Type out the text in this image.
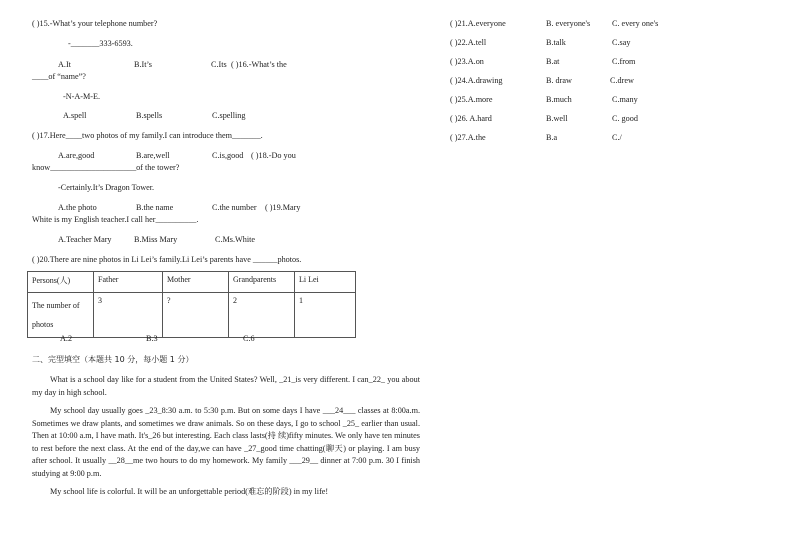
( )15.-What’s your telephone number?
-_______333-6593.
A.It	B.It’s	C.Its ( )16.-What’s the
____of “name”?
-N-A-M-E.
A.spell	B.spells	C.spelling
( )17.Here____two photos of my family.I can introduce them_______.
A.are,good	B.are,well	C.is,good ( )18.-Do you
know_____________________of the tower?
-Certainly.It’s Dragon Tower.
A.the photo	B.the name	C.the number ( )19.Mary
White is my English teacher.I call her__________.
A.Teacher Mary	B.Miss Mary	C.Ms.White
( )20.There are nine photos in Li Lei’s family.Li Lei’s parents have ______photos.
Persons(人)	Father	Mother	Grandparents	Li Lei
The number of
photos	3	?	2	1
A.2	B.3	C.6
二、完型填空（本题共 10 分，每小题 1 分）

What is a school day like for a student from the United States? Well, _21_is very different. I can_22_ you about my day in high school.

My school day usually goes _23_8:30 a.m. to 5:30 p.m. But on some days I have ___24___ classes at 8:00a.m. Sometimes we draw plants, and sometimes we draw animals. So on these days, I go to school _25_ earlier than usual. Then at 10:00 a.m, I have math. It's_26 but interesting. Each class lasts(持 续)fifty minutes. We only have ten minutes to rest before the next class. At the end of the day,we can have _27_good time chatting(聊天) or playing. I am busy after school. It usually __28__me two hours to do my homework. My family ___29__ dinner at 7:00 p.m. 30 I finish studying at 9:00 p.m.

My school life is colorful. It will be an unforgettable period(难忘的阶段) in my life!

( )21.A.everyone	B. everyone's	C. every one's
( )22.A.tell	B.talk	C.say
( )23.A.on	B.at	C.from
( )24.A.drawing	B. draw	C.drew
( )25.A.more	B.much	C.many
( )26. A.hard	B.well	C. good
( )27.A.the	B.a	C./
